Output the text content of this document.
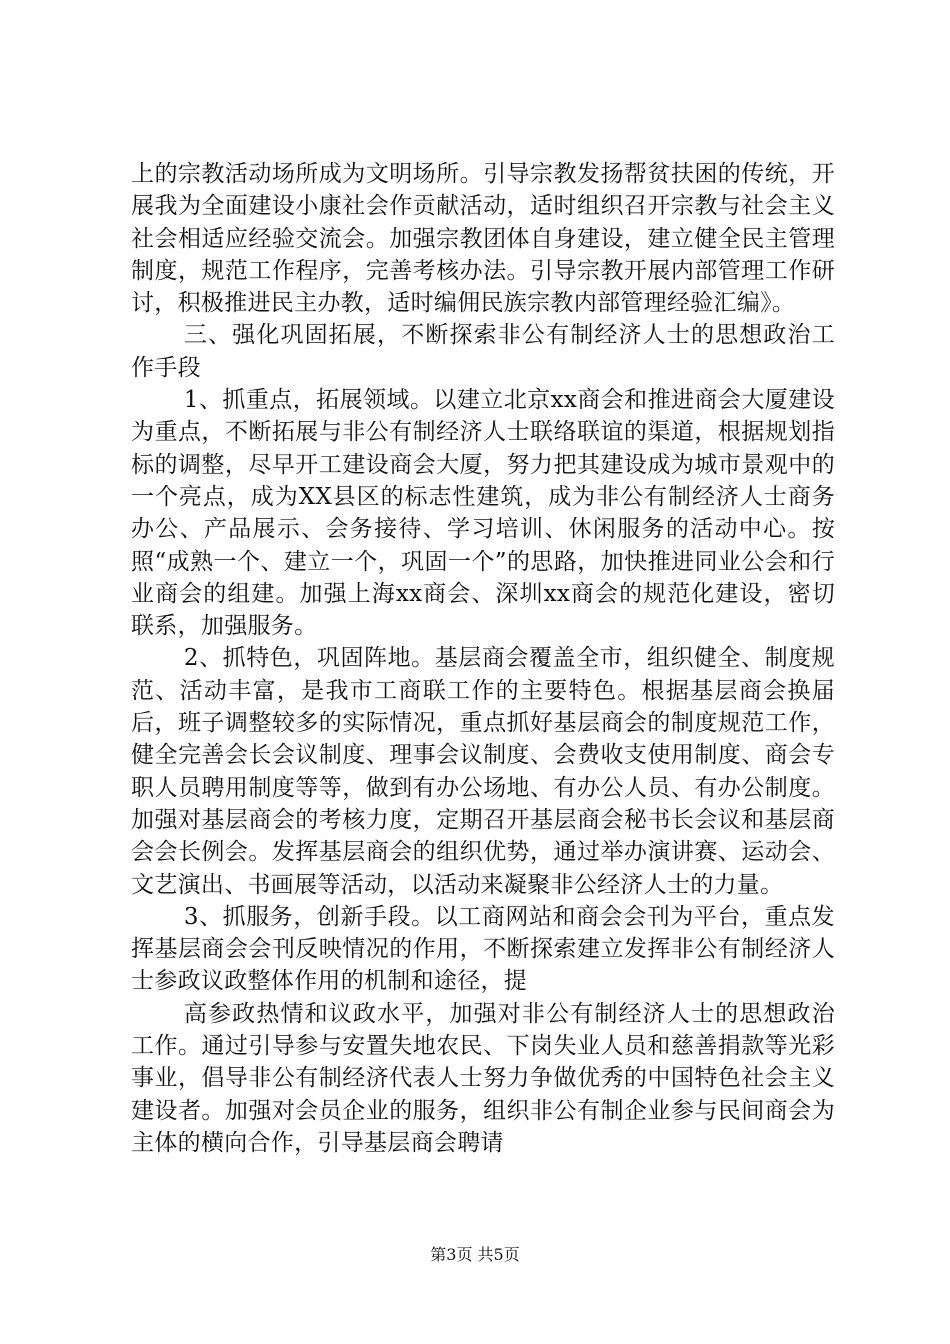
上的宗教活动场所成为文明场所。引导宗教发扬帮贫扶困的传统，开展我为全面建设小康社会作贡献活动，适时组织召开宗教与社会主义社会相适应经验交流会。加强宗教团体自身建设，建立健全民主管理制度，规范工作程序，完善考核办法。引导宗教开展内部管理工作研讨，积极推进民主办教，适时编佣民族宗教内部管理经验汇编》。

三、强化巩固拓展，不断探索非公有制经济人士的思想政治工作手段

1、抓重点，拓展领域。以建立北京xx商会和推进商会大厦建设为重点，不断拓展与非公有制经济人士联络联谊的渠道，根据规划指标的调整，尽早开工建设商会大厦，努力把其建设成为城市景观中的一个亮点，成为XX县区的标志性建筑，成为非公有制经济人士商务办公、产品展示、会务接待、学习培训、休闲服务的活动中心。按照“成熟一个、建立一个，巩固一个”的思路，加快推进同业公会和行业商会的组建。加强上海xx商会、深圳xx商会的规范化建设，密切联系，加强服务。

2、抓特色，巩固阵地。基层商会覆盖全市，组织健全、制度规范、活动丰富，是我市工商联工作的主要特色。根据基层商会换届后，班子调整较多的实际情况，重点抓好基层商会的制度规范工作，健全完善会长会议制度、理事会议制度、会费收支使用制度、商会专职人员聘用制度等等，做到有办公场地、有办公人员、有办公制度。加强对基层商会的考核力度，定期召开基层商会秘书长会议和基层商会会长例会。发挥基层商会的组织优势，通过举办演讲赛、运动会、文艺演出、书画展等活动，以活动来凝聚非公经济人士的力量。

3、抓服务，创新手段。以工商网站和商会会刊为平台，重点发挥基层商会会刊反映情况的作用，不断探索建立发挥非公有制经济人士参政议政整体作用的机制和途径，提

高参政热情和议政水平，加强对非公有制经济人士的思想政治工作。通过引导参与安置失地农民、下岗失业人员和慈善捐款等光彩事业，倡导非公有制经济代表人士努力争做优秀的中国特色社会主义建设者。加强对会员企业的服务，组织非公有制企业参与民间商会为主体的横向合作，引导基层商会聘请

第3页 共5页
